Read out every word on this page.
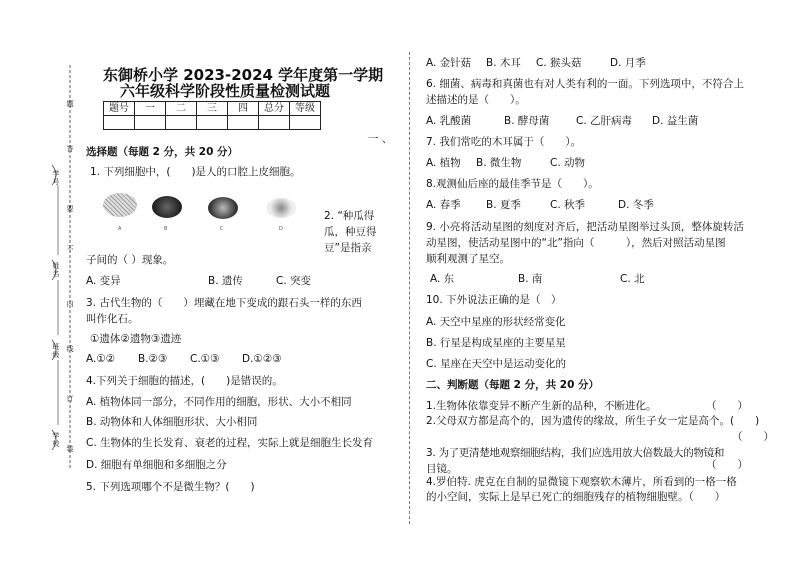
题
答
要
不
内
线
订
装
学号
姓名
班级
学校
东御桥小学 2023-2024 学年度第一学期
六年级科学阶段性质量检测试题
题号	一	二	三	四	总分	等级

一 、
选择题（每题 2 分，共 20 分）
1. 下列细胞中，(　　)是人的口腔上皮细胞。
A	B	C	D
2. “种瓜得
瓜，种豆得
豆”是指亲
子间的（ ）现象。
A. 变异	B. 遗传	C. 突变
3. 古代生物的（　　）埋藏在地下变成的跟石头一样的东西
叫作化石。
①遗体②遗物③遗迹
A.①② B.②③ C.①③ D.①②③
4.下列关于细胞的描述，(　　)是错误的。
A. 植物体同一部分，不同作用的细胞，形状、大小不相同
B. 动物体和人体细胞形状、大小相同
C. 生物体的生长发育、衰老的过程，实际上就是细胞生长发育
D. 细胞有单细胞和多细胞之分
5. 下列选项哪个不是微生物？(　　)
A. 金针菇 B. 木耳 C. 猴头菇	D. 月季
6. 细菌、病毒和真菌也有对人类有利的一面。下列选项中，不符合上
述描述的是（　　）。
A. 乳酸菌	B. 酵母菌	C. 乙肝病毒 D. 益生菌
7. 我们常吃的木耳属于（　　）。
A. 植物 B. 微生物	C. 动物
8.观测仙后座的最佳季节是（　　）。
A. 春季 B. 夏季	C. 秋季	D. 冬季
9. 小亮将活动星图的刻度对齐后，把活动星图举过头顶，整体旋转活
动星图，使活动星图中的“北”指向（　　　），然后对照活动星图
顺利观测了星空。
A. 东	B. 南	C. 北
10. 下外说法正确的是（　）
A. 天空中星座的形状经常变化
B. 行星是构成星座的主要星星
C. 星座在天空中是运动变化的
二、判断题（每题 2 分，共 20 分）
1.生物体依靠变异不断产生新的品种，不断进化。	（　　）
2.父母双方都是高个的，因为遗传的缘故，所生子女一定是高个。(　　)
3. 为了更清楚地观察细胞结构，我们应选用放大倍数最大的物镜和
（　　）
目镜。	（　　）
4.罗伯特. 虎克在自制的显微镜下观察软木薄片，所看到的一格一格
的小空间，实际上是早已死亡的细胞残存的植物细胞壁。（　　）
